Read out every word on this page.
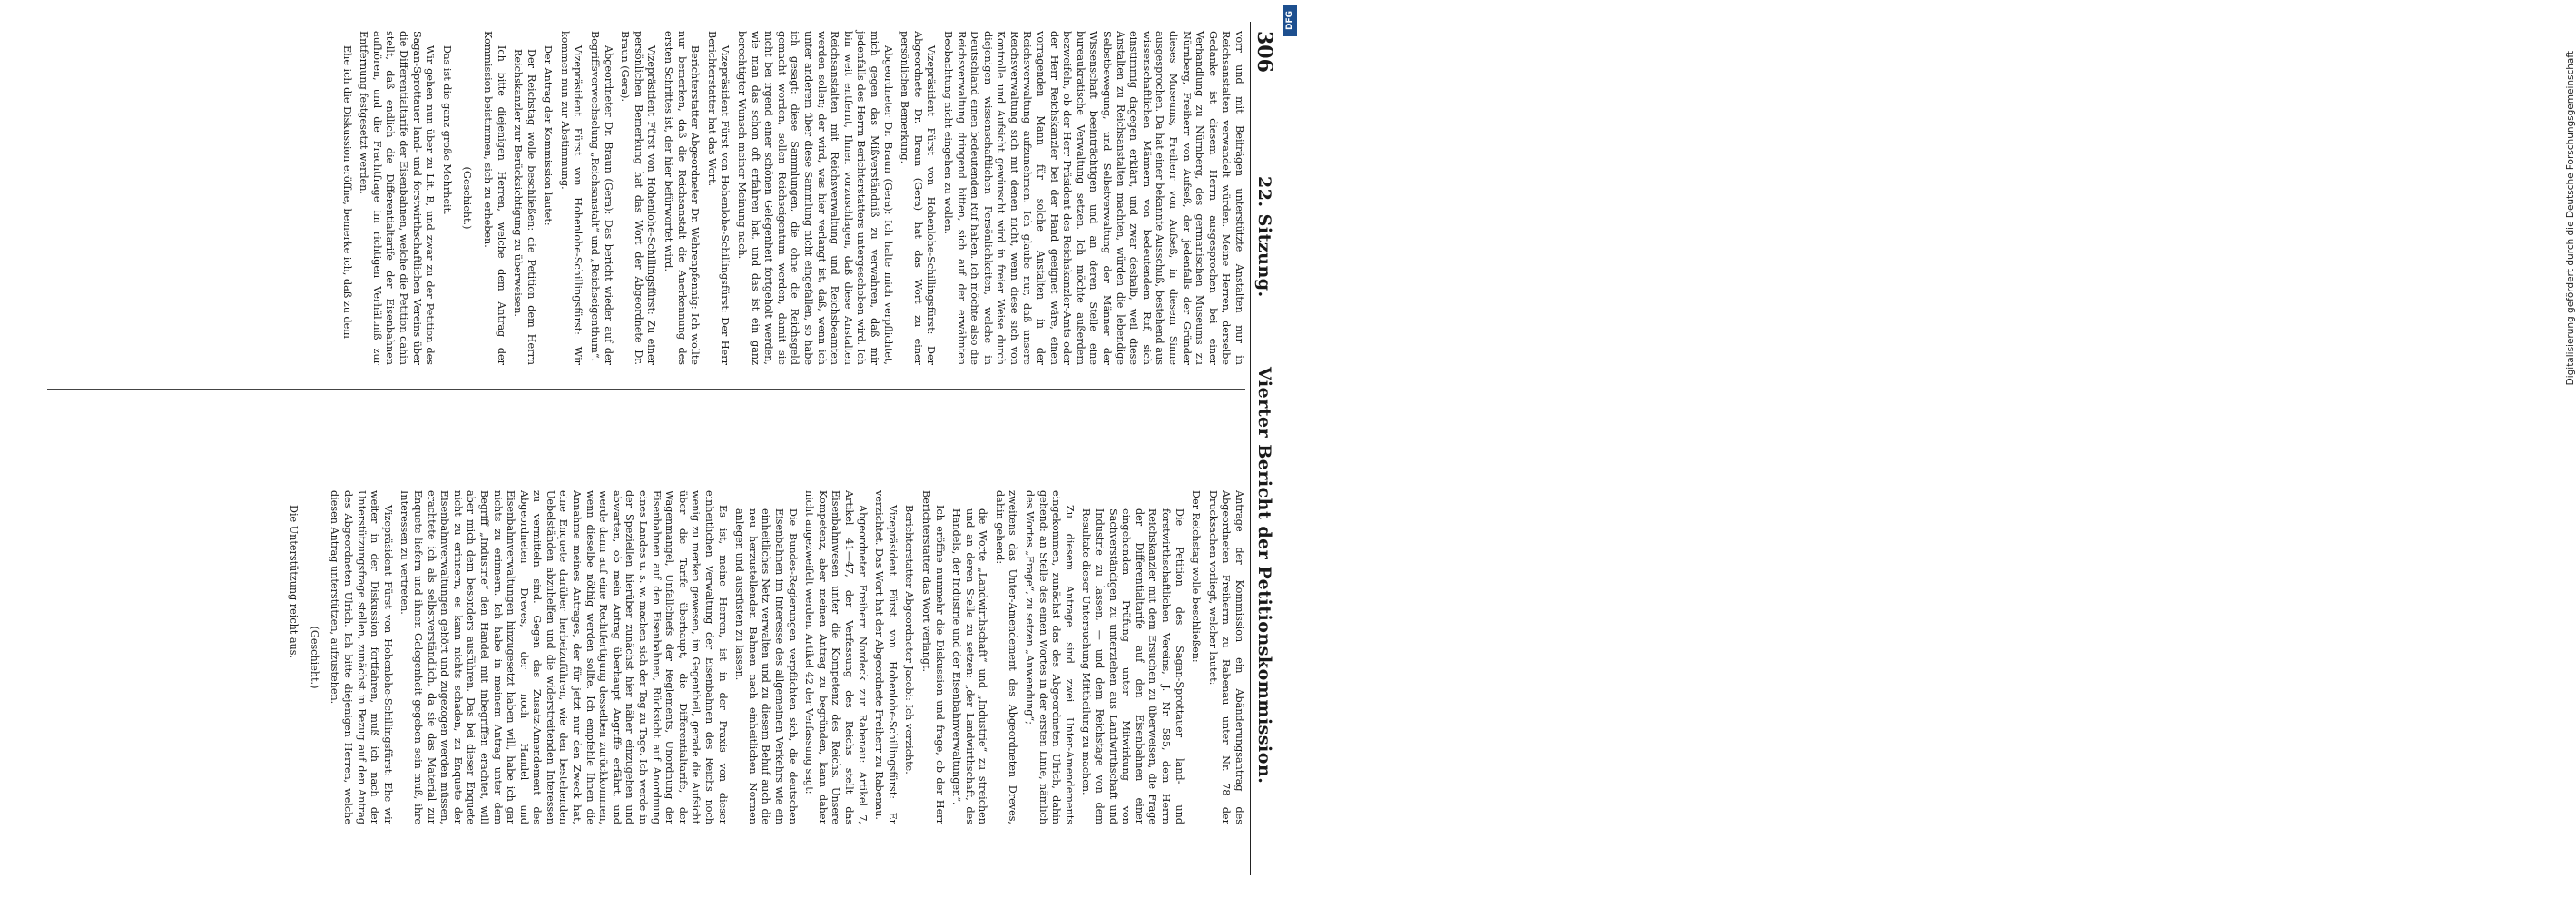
306
22. Sitzung.
Vierter Bericht der Petitionskommission.

vorr und mit Beiträgen unterstützte Anstalten nur in Reichsanstalten verwandelt würden. Meine Herren, derselbe Gedanke ist diesem Herrn ausgesprochen bei einer Verhandlung zu Nürnberg, des germanischen Museums zu Nürnberg, Freiherr von Aufseß, der jedenfalls der Gründer dieses Museums, Freiherr von Aufseß, in diesem Sinne ausgesprochen. Da hat einer bekannte Ausschuß, bestehend aus wissenschaftlichen Männern von bedeutendem Ruf, sich einstimmig dagegen erklärt, und zwar deshalb, weil diese Anstalten zu Reichsanstalten machten, würden die lebendige Selbstbewegung, und Selbstverwaltung der Männer der Wissenschaft beeinträchtigen und an deren Stelle eine bureaukratische Verwaltung setzen. Ich möchte außerdem bezweifeln, ob der Herr Präsident des Reichskanzler-Amts oder der Herr Reichskanzler bei der Hand geeignet wäre, einen vorragenden Mann für solche Anstalten in der Reichsverwaltung aufzunehmen. Ich glaube nur, daß unsere Reichsverwaltung sich mit denen nicht, wenn diese sich von Kontrolle und Aufsicht gewünscht wird in freier Weise durch diejenigen wissenschaftlichen Persönlichkeiten, welche in Deutschland einen bedeutenden Ruf haben. Ich möchte also die Reichsverwaltung dringend bitten, sich auf der erwähnten Beobachtung nicht eingehen zu wollen.

Vizepräsident Fürst von Hohenlohe-Schillingsfürst: Der Abgeordnete Dr. Braun (Gera) hat das Wort zu einer persönlichen Bemerkung.

Abgeordneter Dr. Braun (Gera): Ich halte mich verpflichtet, mich gegen das Mißverständniß zu verwahren, daß mir jedenfalls des Herrn Berichterstatters untergeschoben wird. Ich bin weit entfernt, Ihnen vorzuschlagen, daß diese Anstalten Reichsanstalten mit Reichsverwaltung und Reichsbeamten werden sollen; der wird, was hier verlangt ist, daß, wenn ich unter anderem über diese Sammlung nicht eingefallen, so habe ich gesagt: diese Sammlungen, die ohne die Reichsgeld gemacht worden, sollen Reichseigentum werden, damit sie nicht bei irgend einer schönen Gelegenheit fortgeholt werden, wie man das schon oft erfahren hat, und das ist ein ganz berechtigter Wunsch meiner Meinung nach.

Vizepräsident Fürst von Hohenlohe-Schillingsfürst: Der Herr Berichterstatter hat das Wort.

Berichterstatter Abgeordneter Dr. Wehrenpfennig: Ich wollte nur bemerken, daß die Reichsanstalt die Anerkennung des ersten Schrittes ist, der hier befürwortet wird.

Vizepräsident Fürst von Hohenlohe-Schillingsfürst: Zu einer persönlichen Bemerkung hat das Wort der Abgeordnete Dr. Braun (Gera).

Abgeordneter Dr. Braun (Gera): Das bericht wieder auf der Begriffsverwechselung „Reichsanstalt“ und „Reichseigenthum“.

Vizepräsident Fürst von Hohenlohe-Schillingsfürst: Wir kommen nun zur Abstimmung.

Der Antrag der Kommission lautet:

Der Reichstag wolle beschließen: die Petition dem Herrn Reichskanzler zur Berücksichtigung zu überweisen.

Ich bitte diejenigen Herren, welche dem Antrag der Kommission beistimmen, sich zu erheben.

(Geschieht.)

Das ist die ganz große Mehrheit.

Wir gehen nun über zu Lit. B, und zwar zu der Petition des Sagan-Sprottauer land- und forstwirthschaftlichen Vereins über die Differentialtarife der Eisenbahnen, welche die Petition dahin stellt, daß endlich die Differentialtarife der Eisenbahnen aufhören, und die Frachtfrage im richtigen Verhältniß zur Entfernung festgesetzt werden.

Ehe ich die Diskussion eröffne, bemerke ich, daß zu dem

Antrage der Kommission ein Abänderungsantrag des Abgeordneten Freiherrn zu Rabenau unter Nr. 78 der Drucksachen vorliegt, welcher lautet:

Der Reichstag wolle beschließen:

Die Petition des Sagan-Sprottauer land- und forstwirthschaftlichen Vereins, J. Nr. 585, dem Herrn Reichskanzler mit dem Ersuchen zu überweisen, die Frage der Differentialtarife auf den Eisenbahnen einer eingehenden Prüfung unter Mitwirkung von Sachverständigen zu unterziehen aus Landwirthschaft und Industrie zu lassen, — und dem Reichstage von dem Resultate dieser Untersuchung Mittheilung zu machen.

Zu diesem Antrage sind zwei Unter-Amendements eingekommen, zunächst das des Abgeordneten Ulrich, dahin gehend: an Stelle des einen Wortes in der ersten Linie, nämlich des Wortes „Frage“, zu setzen „Anwendung“;

zweitens das Unter-Amendement des Abgeordneten Dreves, dahin gehend:

die Worte „Landwirthschaft“ und „Industrie“ zu streichen und an deren Stelle zu setzen: „der Landwirthschaft, des Handels, der Industrie und der Eisenbahnverwaltungen“.

Ich eröffne nunmehr die Diskussion und frage, ob der Herr Berichterstatter das Wort verlangt.

Berichterstatter Abgeordneter Jacobi: Ich verzichte.

Vizepräsident Fürst von Hohenlohe-Schillingsfürst: Er verzichtet. Das Wort hat der Abgeordnete Freiherr zu Rabenau.

Abgeordneter Freiherr Nordeck zur Rabenau: Artikel 7, Artikel 41—47, der Verfassung des Reichs stellt das Eisenbahnwesen unter die Kompetenz des Reichs. Unsere Kompetenz, aber meinen Antrag zu begründen, kann daher nicht angezweifelt werden. Artikel 42 der Verfassung sagt:

Die Bundes-Regierungen verpflichten sich, die deutschen Eisenbahnen im Interesse des allgemeinen Verkehrs wie ein einheitliches Netz verwalten und zu diesem Behuf auch die neu herzustellenden Bahnen nach einheitlichen Normen anlegen und ausrüsten zu lassen.

Es ist, meine Herren, ist in der Praxis von dieser einheitlichen Verwaltung der Eisenbahnen des Reichs noch wenig zu merken gewesen, im Gegentheil, gerade die Aufsicht über die Tarife überhaupt, die Differentialtarife, der Wagenmangel, Unfallchiefs der Reglements, Unordnung der Eisenbahnen auf den Eisenbahnen, Rücksicht auf Anordnung eines Landes u. s. w. machen sich der Tag zu Tage. Ich werde in der Speziellen hierüber zunächst hier näher einzugehen und abwarten, ob mein Antrag überhaupt Angriffe erfährt, und werde dann auf eine Rechtfertigung desselben zurückkommen, wenn dieselbe nöthig werden sollte. Ich empfehle Ihnen die Annahme meines Antrages, der für jetzt nur den Zweck hat, eine Enquete darüber herbeizuführen, wie den bestehenden Uebelständen abzuhelfen und die widerstreitenden Interessen zu vermitteln sind. Gegen das Zusatz-Amendement des Abgeordneten Dreves, der noch Handel und Eisenbahnverwaltungen hinzugesetzt haben will, habe ich gar nichts zu erinnern. Ich habe in meinem Antrag unter dem Begriff „Industrie“ den Handel mit inbegriffen erachtet, will aber mich dem besonders ausführen. Das bei dieser Enquete nicht zu erinnern, es kann nichts schaden, zu Enquete der Eisenbahnverwaltungen gehört und zugezogen werden müssen, erachtete ich als selbstverständlich, da sie das Material zur Enquete liefern und ihnen Gelegenheit gegeben sein muß, ihre Interessen zu vertreten.

Vizepräsident Fürst von Hohenlohe-Schillingsfürst: Ehe wir weiter in der Diskussion fortfahren, muß ich nach der Unterstützungsfrage stellen, zunächst in Bezug auf den Antrag des Abgeordneten Ulrich. Ich bitte diejenigen Herren, welche diesen Antrag unterstützen, aufzustehen.

(Geschieht.)

Die Unterstützung reicht aus.

DFG
Digitalisierung gefördert durch die Deutsche Forschungsgemeinschaft
